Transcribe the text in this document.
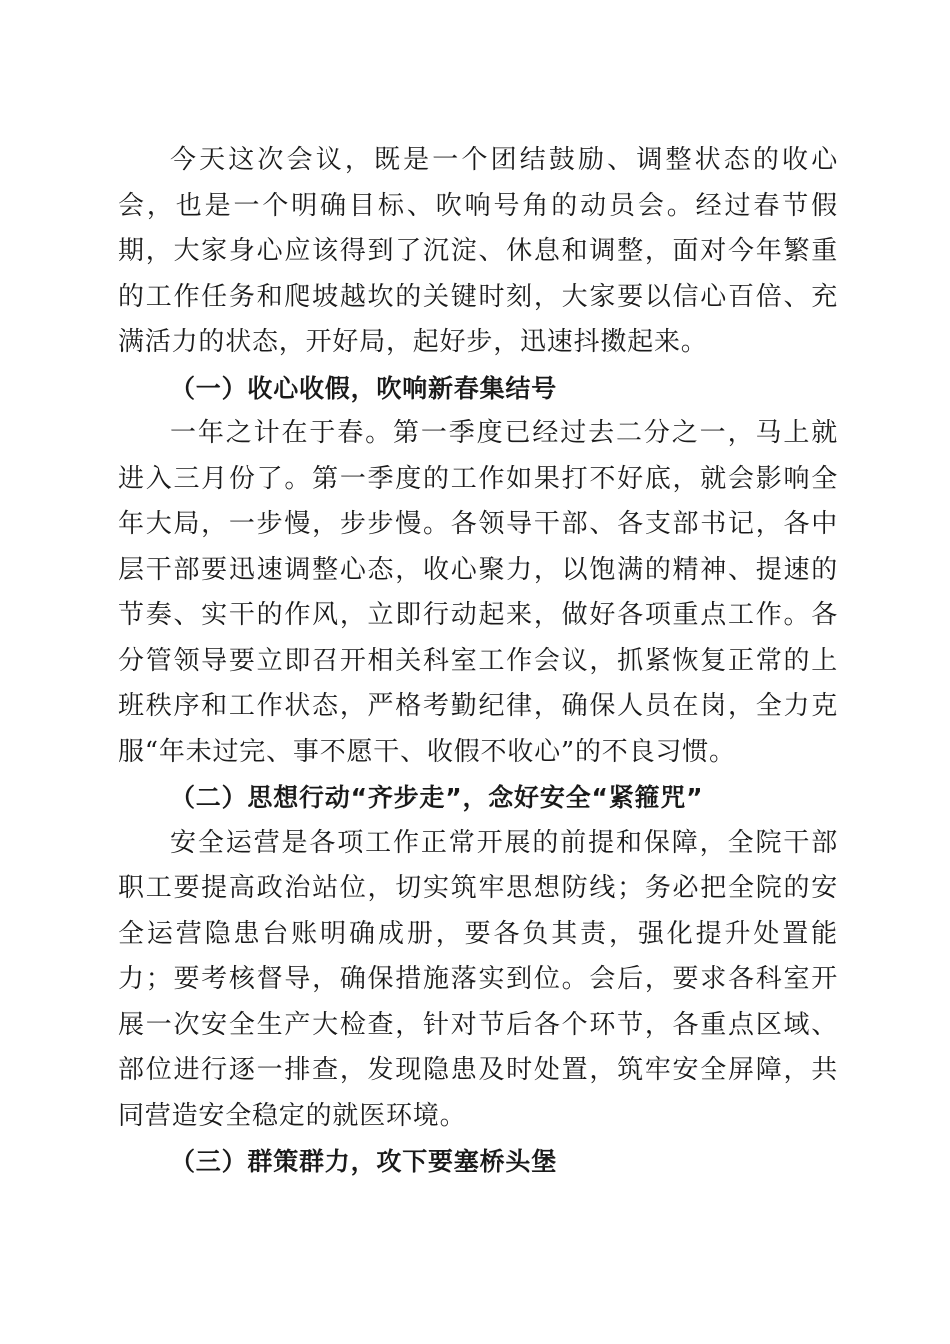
今天这次会议，既是一个团结鼓励、调整状态的收心会，也是一个明确目标、吹响号角的动员会。经过春节假期，大家身心应该得到了沉淀、休息和调整，面对今年繁重的工作任务和爬坡越坎的关键时刻，大家要以信心百倍、充满活力的状态，开好局，起好步，迅速抖擞起来。

（一）收心收假，吹响新春集结号

一年之计在于春。第一季度已经过去二分之一，马上就进入三月份了。第一季度的工作如果打不好底，就会影响全年大局，一步慢，步步慢。各领导干部、各支部书记，各中层干部要迅速调整心态，收心聚力，以饱满的精神、提速的节奏、实干的作风，立即行动起来，做好各项重点工作。各分管领导要立即召开相关科室工作会议，抓紧恢复正常的上班秩序和工作状态，严格考勤纪律，确保人员在岗，全力克服“年未过完、事不愿干、收假不收心”的不良习惯。

（二）思想行动“齐步走”，念好安全“紧箍咒”

安全运营是各项工作正常开展的前提和保障，全院干部职工要提高政治站位，切实筑牢思想防线；务必把全院的安全运营隐患台账明确成册，要各负其责，强化提升处置能力；要考核督导，确保措施落实到位。会后，要求各科室开展一次安全生产大检查，针对节后各个环节，各重点区域、部位进行逐一排查，发现隐患及时处置，筑牢安全屏障，共同营造安全稳定的就医环境。

（三）群策群力，攻下要塞桥头堡
